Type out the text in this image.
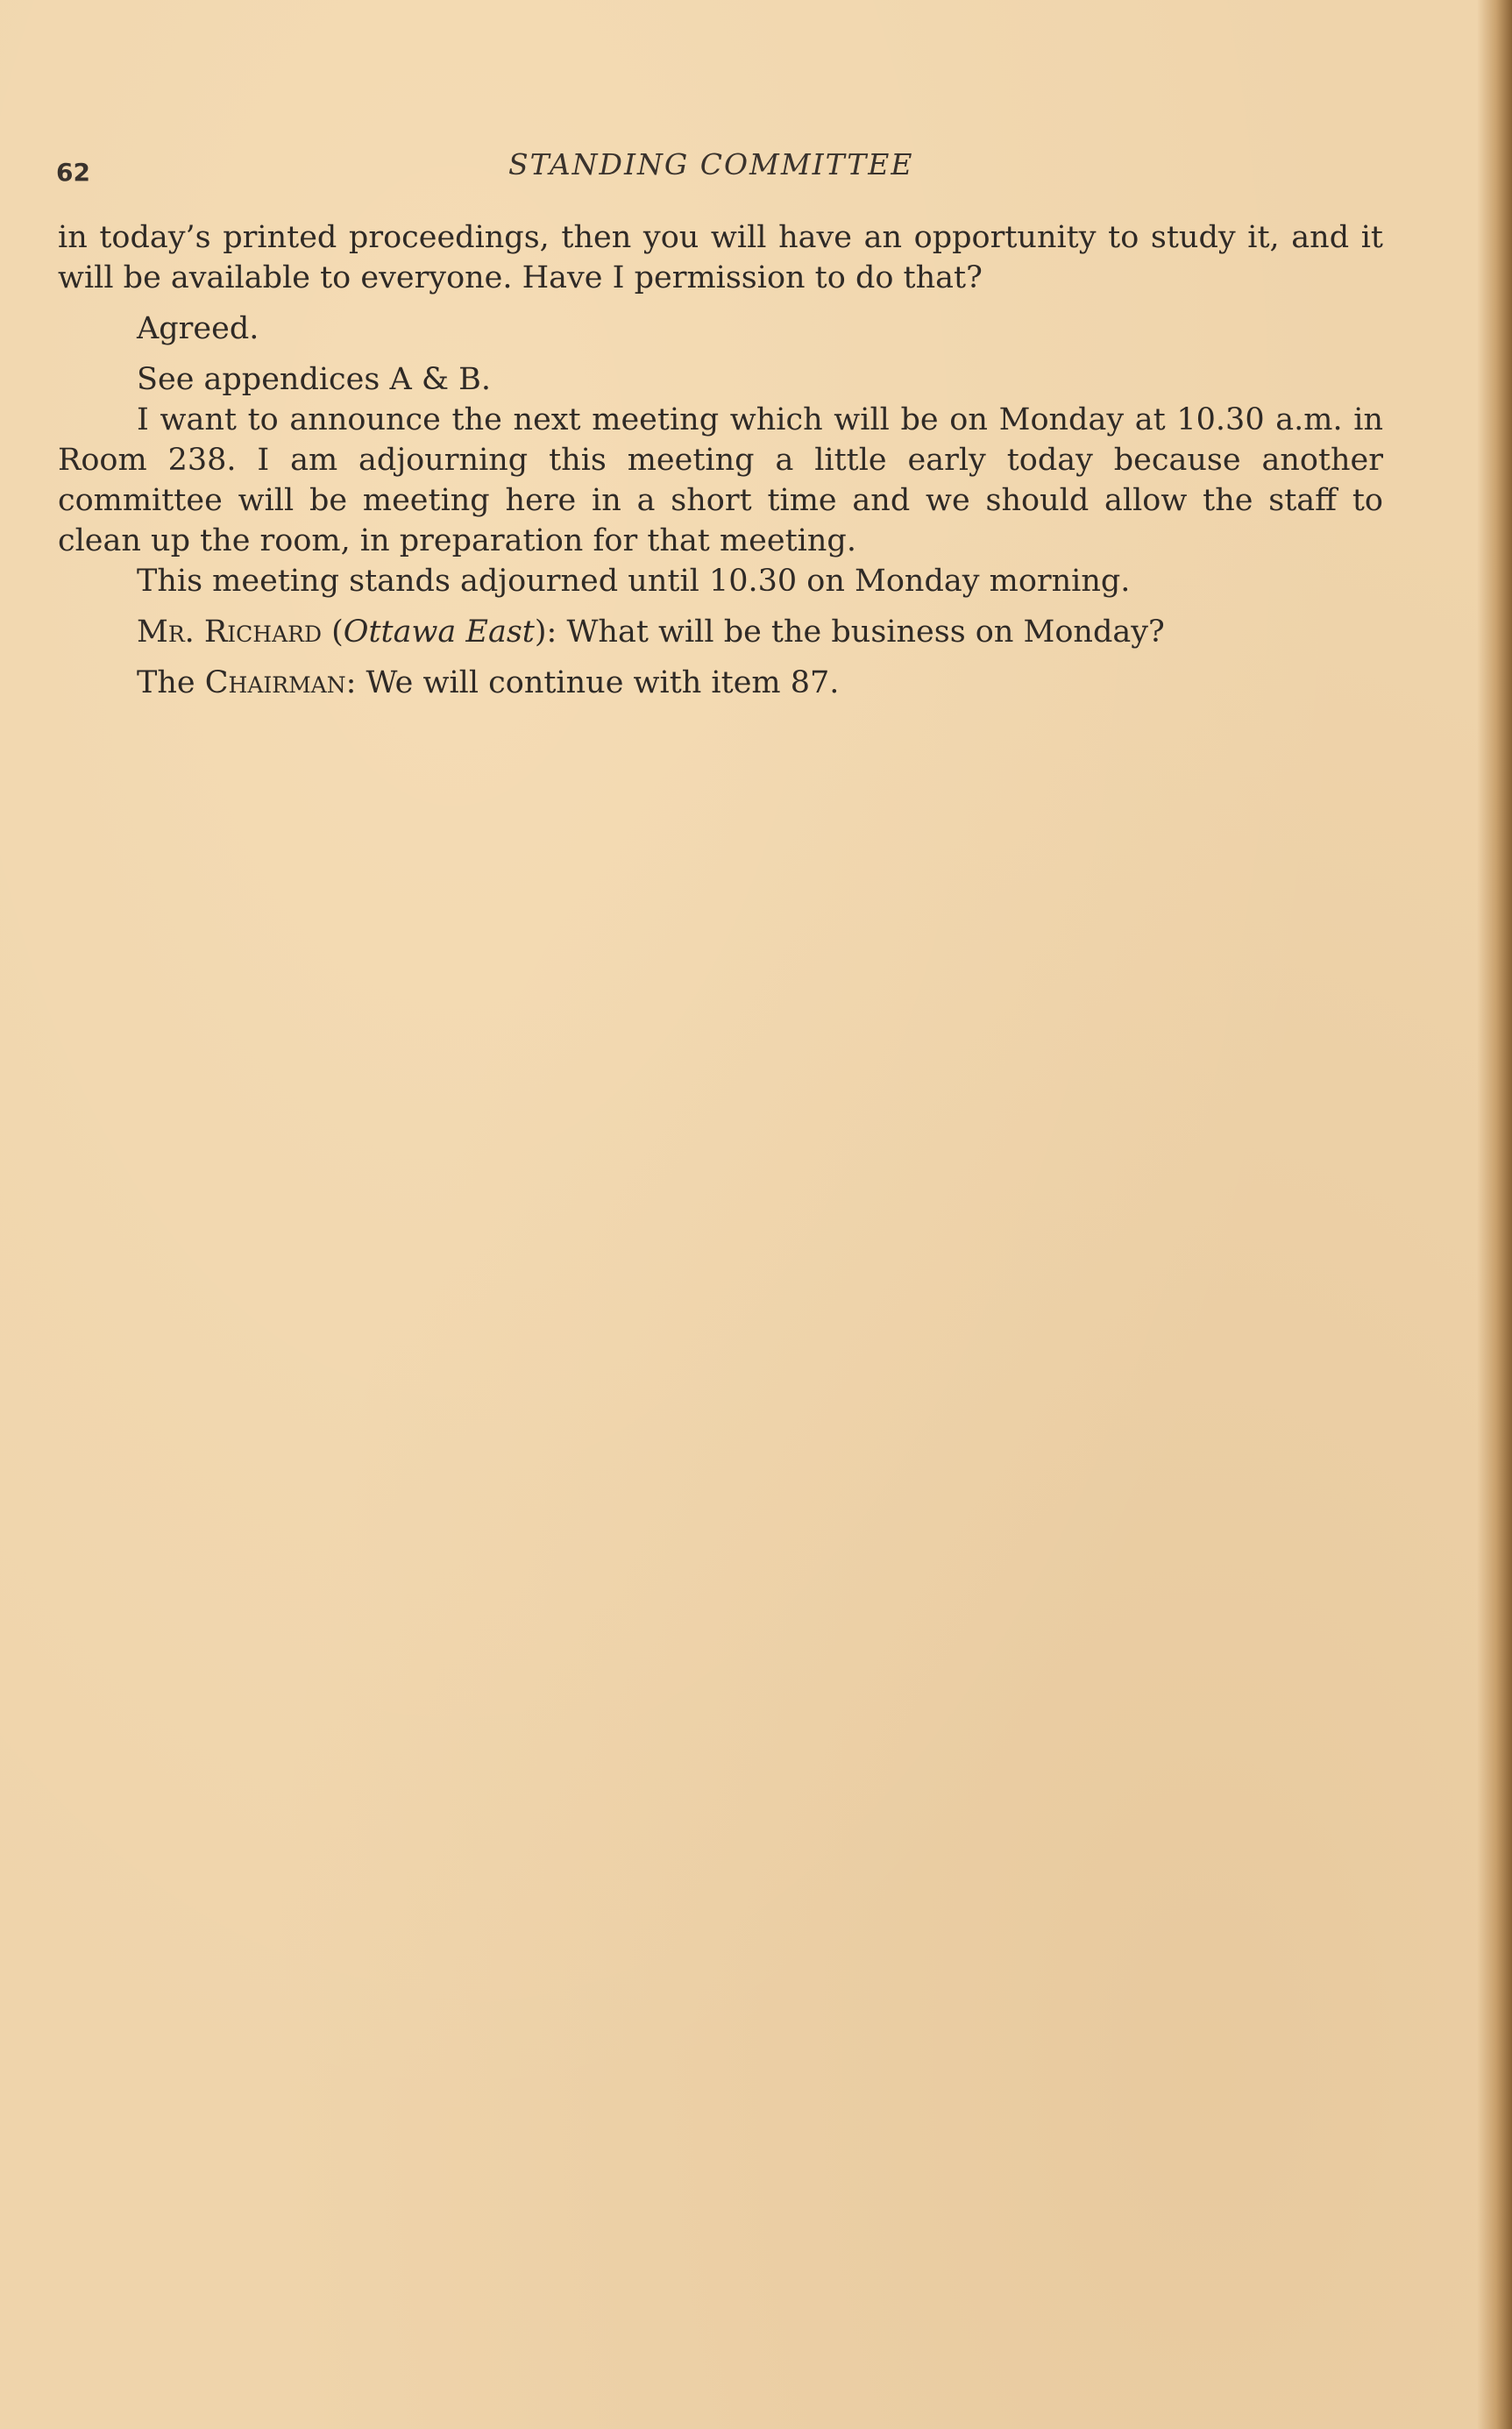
62	STANDING COMMITTEE

in today’s printed proceedings, then you will have an opportunity to study it, and it will be available to everyone. Have I permission to do that?

Agreed.

See appendices A & B.

I want to announce the next meeting which will be on Monday at 10.30 a.m. in Room 238. I am adjourning this meeting a little early today because another committee will be meeting here in a short time and we should allow the staff to clean up the room, in preparation for that meeting.

This meeting stands adjourned until 10.30 on Monday morning.

Mr. Richard (Ottawa East): What will be the business on Monday?

The Chairman: We will continue with item 87.
